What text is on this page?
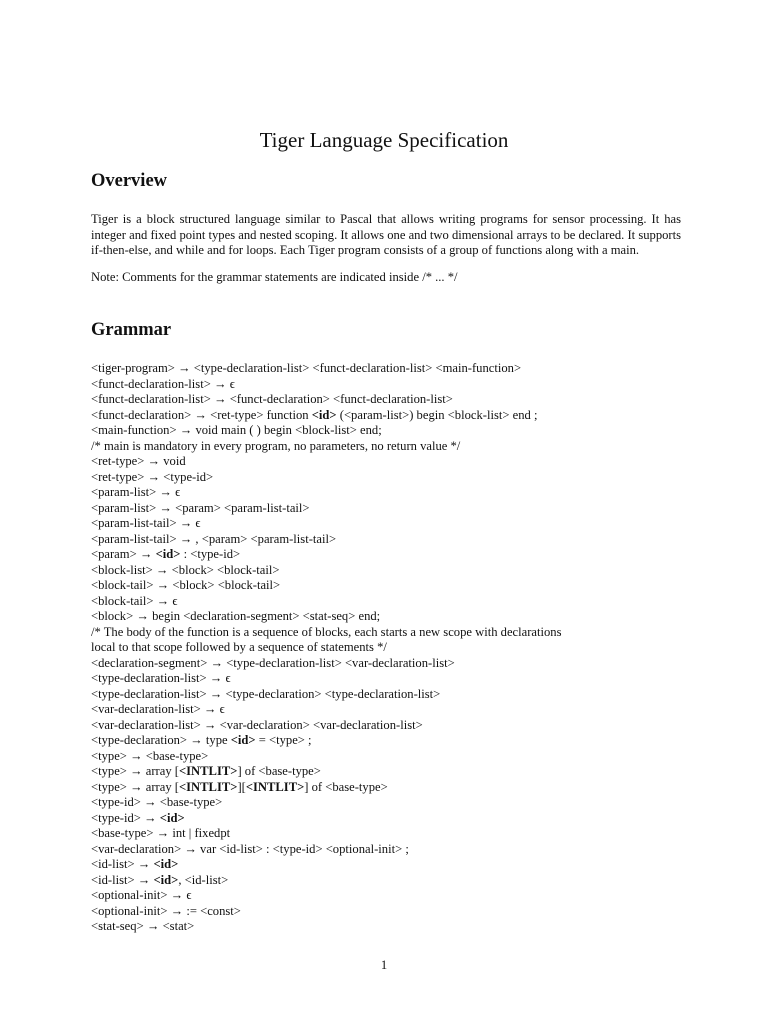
Tiger Language Specification
Overview

Tiger is a block structured language similar to Pascal that allows writing programs for sensor processing. It has integer and fixed point types and nested scoping. It allows one and two dimensional arrays to be declared. It supports if-then-else, and while and for loops. Each Tiger program consists of a group of functions along with a main.

Note: Comments for the grammar statements are indicated inside /* ... */

Grammar
<tiger-program> → <type-declaration-list> <funct-declaration-list> <main-function>
<funct-declaration-list> → ϵ
<funct-declaration-list> → <funct-declaration> <funct-declaration-list>
<funct-declaration> → <ret-type> function <id> (<param-list>) begin <block-list> end ;
<main-function> → void main ( ) begin <block-list> end;
/* main is mandatory in every program, no parameters, no return value */
<ret-type> → void
<ret-type> → <type-id>
<param-list> → ϵ
<param-list> → <param> <param-list-tail>
<param-list-tail> → ϵ
<param-list-tail> → , <param> <param-list-tail>
<param> → <id> : <type-id>
<block-list> → <block> <block-tail>
<block-tail> → <block> <block-tail>
<block-tail> → ϵ
<block> → begin <declaration-segment> <stat-seq> end;
/* The body of the function is a sequence of blocks, each starts a new scope with declarations
local to that scope followed by a sequence of statements */
<declaration-segment> → <type-declaration-list> <var-declaration-list>
<type-declaration-list> → ϵ
<type-declaration-list> → <type-declaration> <type-declaration-list>
<var-declaration-list> → ϵ
<var-declaration-list> → <var-declaration> <var-declaration-list>
<type-declaration> → type <id> = <type> ;
<type> → <base-type>
<type> → array [<INTLIT>] of <base-type>
<type> → array [<INTLIT>][<INTLIT>] of <base-type>
<type-id> → <base-type>
<type-id> → <id>
<base-type> → int | fixedpt
<var-declaration> → var <id-list> : <type-id> <optional-init> ;
<id-list> → <id>
<id-list> → <id>, <id-list>
<optional-init> → ϵ
<optional-init> → := <const>
<stat-seq> → <stat>
1
